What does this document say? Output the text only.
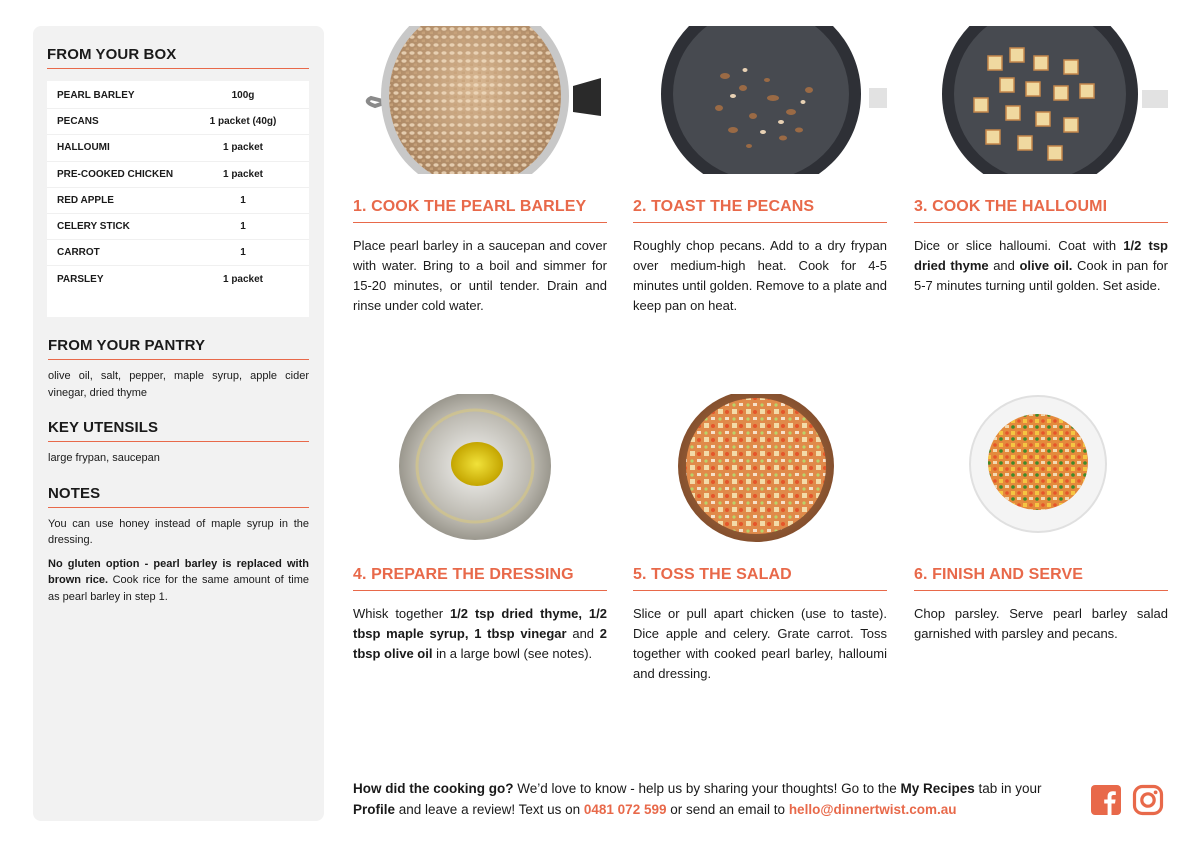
FROM YOUR BOX
PEARL BARLEY	100g
PECANS	1 packet (40g)
HALLOUMI	1 packet
PRE-COOKED CHICKEN	1 packet
RED APPLE	1
CELERY STICK	1
CARROT	1
PARSLEY	1 packet
FROM YOUR PANTRY
olive oil, salt, pepper, maple syrup, apple cider vinegar, dried thyme
KEY UTENSILS
large frypan, saucepan
NOTES
You can use honey instead of maple syrup in the dressing.
No gluten option - pearl barley is replaced with brown rice. Cook rice for the same amount of time as pearl barley in step 1.
1. COOK THE PEARL BARLEY
Place pearl barley in a saucepan and cover with water. Bring to a boil and simmer for 15-20 minutes, or until tender. Drain and rinse under cold water.
2. TOAST THE PECANS
Roughly chop pecans. Add to a dry frypan over medium-high heat. Cook for 4-5 minutes until golden. Remove to a plate and keep pan on heat.
3. COOK THE HALLOUMI
Dice or slice halloumi. Coat with 1/2 tsp dried thyme and olive oil. Cook in pan for 5-7 minutes turning until golden. Set aside.
4. PREPARE THE DRESSING
Whisk together 1/2 tsp dried thyme, 1/2 tbsp maple syrup, 1 tbsp vinegar and 2 tbsp olive oil in a large bowl (see notes).
5. TOSS THE SALAD
Slice or pull apart chicken (use to taste). Dice apple and celery. Grate carrot. Toss together with cooked pearl barley, halloumi and dressing.
6. FINISH AND SERVE
Chop parsley. Serve pearl barley salad garnished with parsley and pecans.
How did the cooking go? We’d love to know - help us by sharing your thoughts! Go to the My Recipes tab in your Profile and leave a review! Text us on 0481 072 599 or send an email to hello@dinnertwist.com.au
